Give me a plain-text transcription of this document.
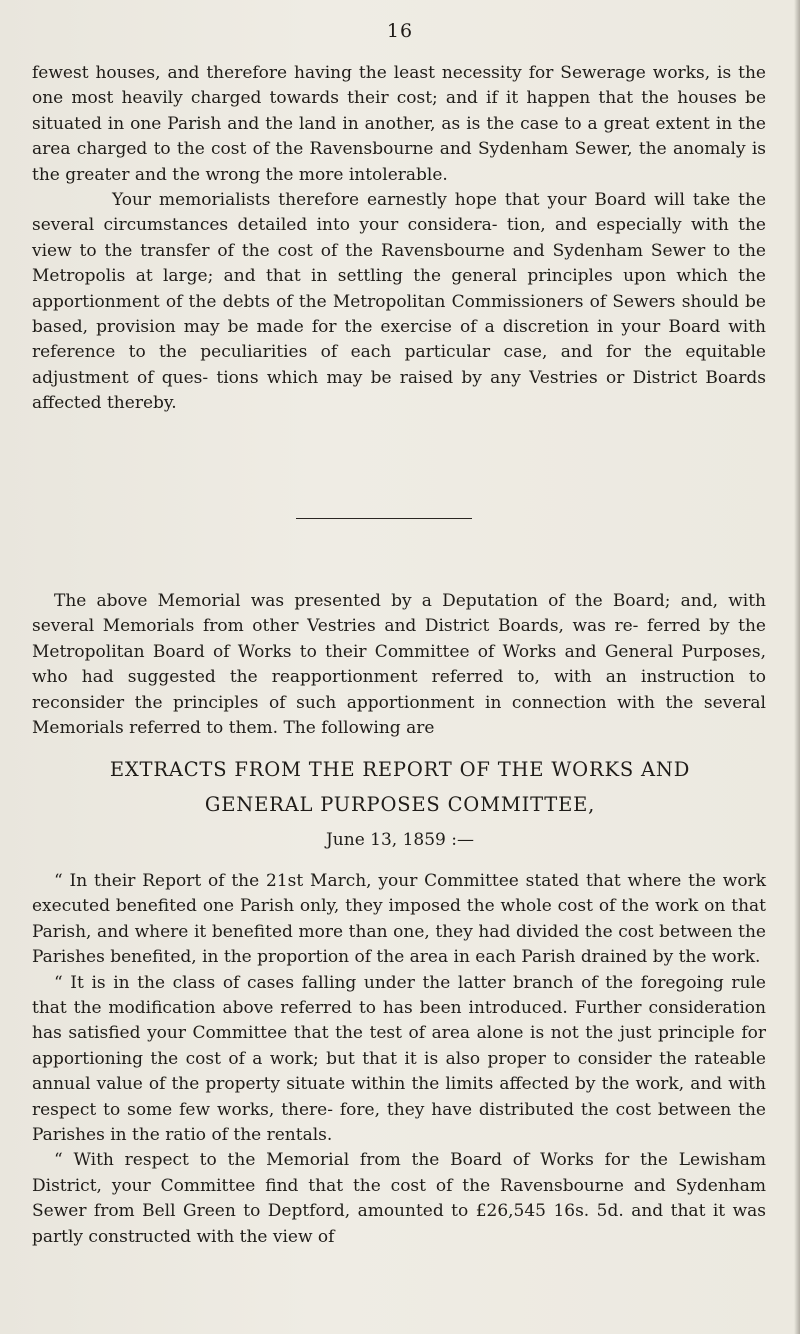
16

fewest houses, and therefore having the least necessity for Sewerage works, is the one most heavily charged towards their cost; and if it happen that the houses be situated in one Parish and the land in another, as is the case to a great extent in the area charged to the cost of the Ravensbourne and Sydenham Sewer, the anomaly is the greater and the wrong the more intolerable.

Your memorialists therefore earnestly hope that your Board will take the several circumstances detailed into your considera- tion, and especially with the view to the transfer of the cost of the Ravensbourne and Sydenham Sewer to the Metropolis at large; and that in settling the general principles upon which the apportionment of the debts of the Metropolitan Commissioners of Sewers should be based, provision may be made for the exercise of a discretion in your Board with reference to the peculiarities of each particular case, and for the equitable adjustment of ques- tions which may be raised by any Vestries or District Boards affected thereby.

The above Memorial was presented by a Deputation of the Board; and, with several Memorials from other Vestries and District Boards, was re- ferred by the Metropolitan Board of Works to their Committee of Works and General Purposes, who had suggested the reapportionment referred to, with an instruction to reconsider the principles of such apportionment in connection with the several Memorials referred to them. The following are
EXTRACTS FROM THE REPORT OF THE WORKS AND
GENERAL PURPOSES COMMITTEE,
June 13, 1859 :—

“ In their Report of the 21st March, your Committee stated that where the work executed benefited one Parish only, they imposed the whole cost of the work on that Parish, and where it benefited more than one, they had divided the cost between the Parishes benefited, in the proportion of the area in each Parish drained by the work.

“ It is in the class of cases falling under the latter branch of the foregoing rule that the modification above referred to has been introduced. Further consideration has satisfied your Committee that the test of area alone is not the just principle for apportioning the cost of a work; but that it is also proper to consider the rateable annual value of the property situate within the limits affected by the work, and with respect to some few works, there- fore, they have distributed the cost between the Parishes in the ratio of the rentals.

“ With respect to the Memorial from the Board of Works for the Lewisham District, your Committee find that the cost of the Ravensbourne and Sydenham Sewer from Bell Green to Deptford, amounted to £26,545 16s. 5d. and that it was partly constructed with the view of
